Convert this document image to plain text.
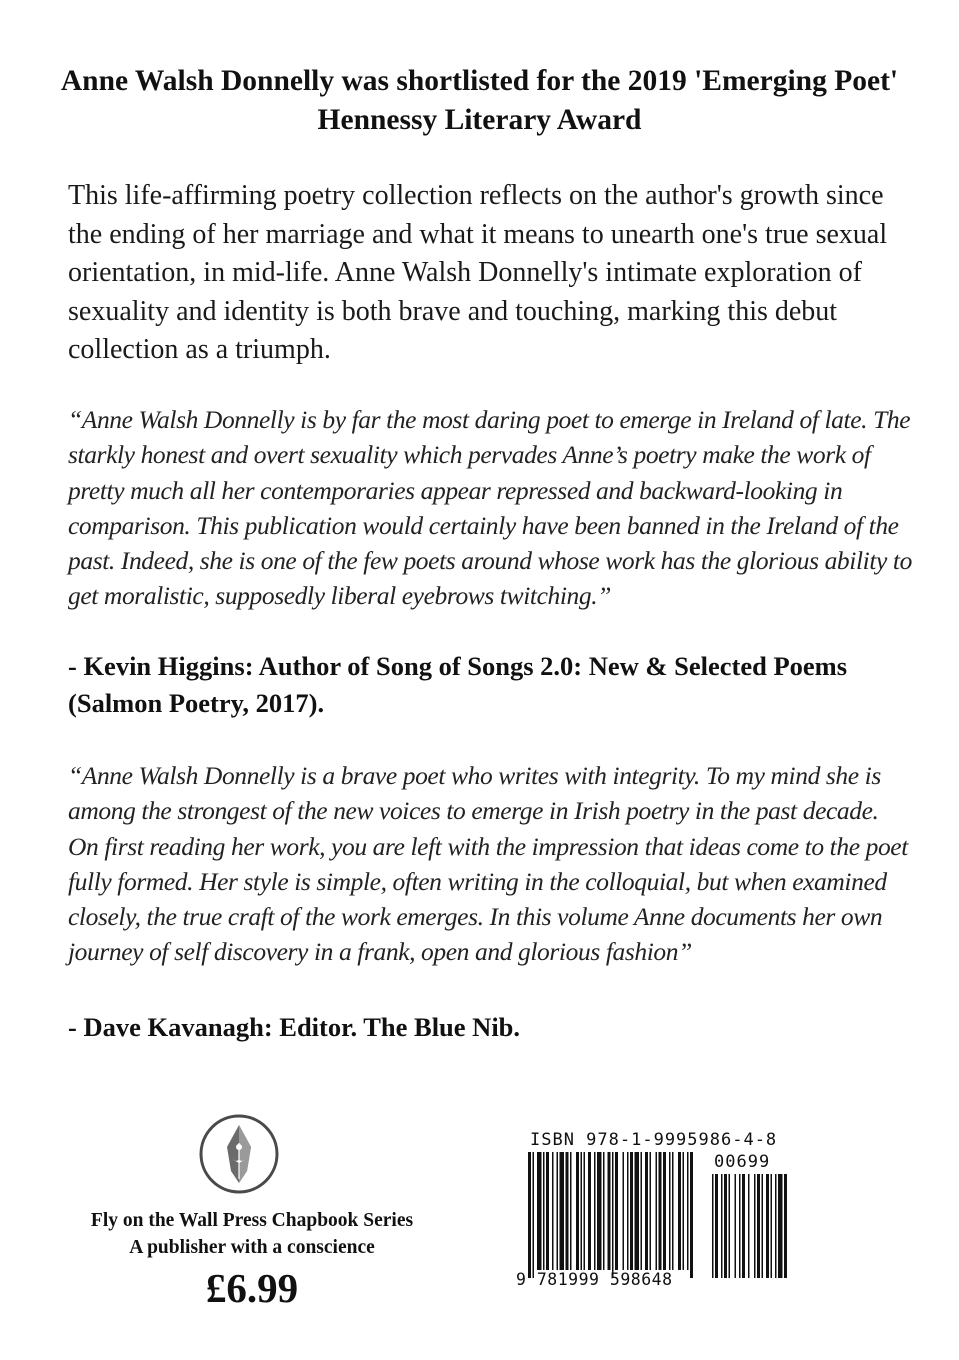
Anne Walsh Donnelly was shortlisted for the 2019 'Emerging Poet' Hennessy Literary Award

This life-affirming poetry collection reflects on the author's growth since the ending of her marriage and what it means to unearth one's true sexual orientation, in mid-life. Anne Walsh Donnelly's intimate exploration of sexuality and identity is both brave and touching, marking this debut collection as a triumph.

“Anne Walsh Donnelly is by far the most daring poet to emerge in Ireland of late. The starkly honest and overt sexuality which pervades Anne’s poetry make the work of pretty much all her contemporaries appear repressed and backward-looking in comparison. This publication would certainly have been banned in the Ireland of the past. Indeed, she is one of the few poets around whose work has the glorious ability to get moralistic, supposedly liberal eyebrows twitching.”

- Kevin Higgins: Author of Song of Songs 2.0: New & Selected Poems (Salmon Poetry, 2017).

“Anne Walsh Donnelly is a brave poet who writes with integrity. To my mind she is among the strongest of the new voices to emerge in Irish poetry in the past decade. On first reading her work, you are left with the impression that ideas come to the poet fully formed. Her style is simple, often writing in the colloquial, but when examined closely, the true craft of the work emerges. In this volume Anne documents her own journey of self discovery in a frank, open and glorious fashion”

- Dave Kavanagh: Editor. The Blue Nib.

Fly on the Wall Press Chapbook Series
A publisher with a conscience
£6.99
ISBN 978-1-9995986-4-8
00699
9 781999 598648
